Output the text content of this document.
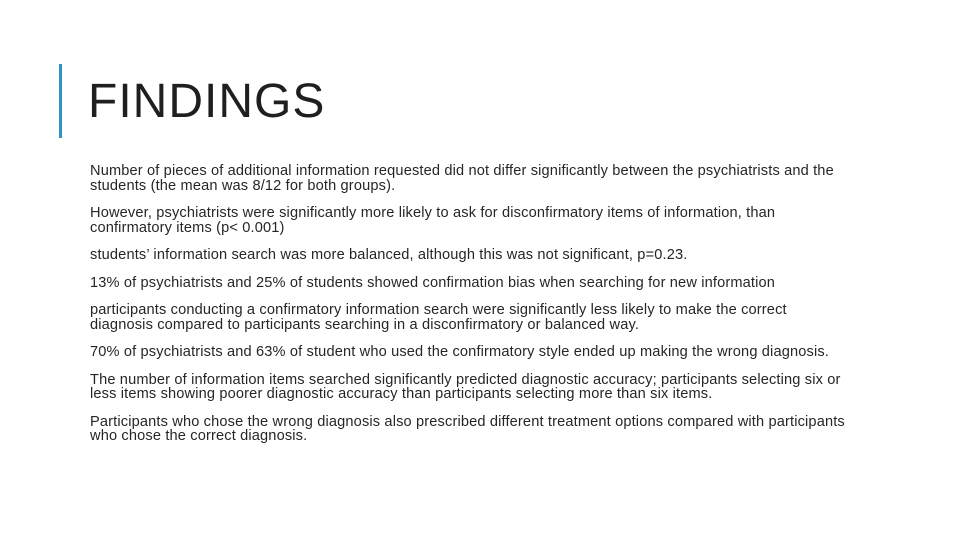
FINDINGS
Number of pieces of additional information requested did not differ significantly between the psychiatrists and the students (the mean was 8/12 for both groups).
However, psychiatrists were significantly more likely to ask for disconfirmatory items of information, than confirmatory items (p< 0.001)
students’ information search was more balanced, although this was not significant, p=0.23.
13% of psychiatrists and 25% of students showed confirmation bias when searching for new information
participants conducting a confirmatory information search were significantly less likely to make the correct diagnosis compared to participants searching in a disconfirmatory or balanced way.
70% of psychiatrists and 63% of student who used the confirmatory style ended up making the wrong diagnosis.
The number of information items searched significantly predicted diagnostic accuracy; participants selecting six or less items showing poorer diagnostic accuracy than participants selecting more than six items.
Participants who chose the wrong diagnosis also prescribed different treatment options compared with participants who chose the correct diagnosis.
